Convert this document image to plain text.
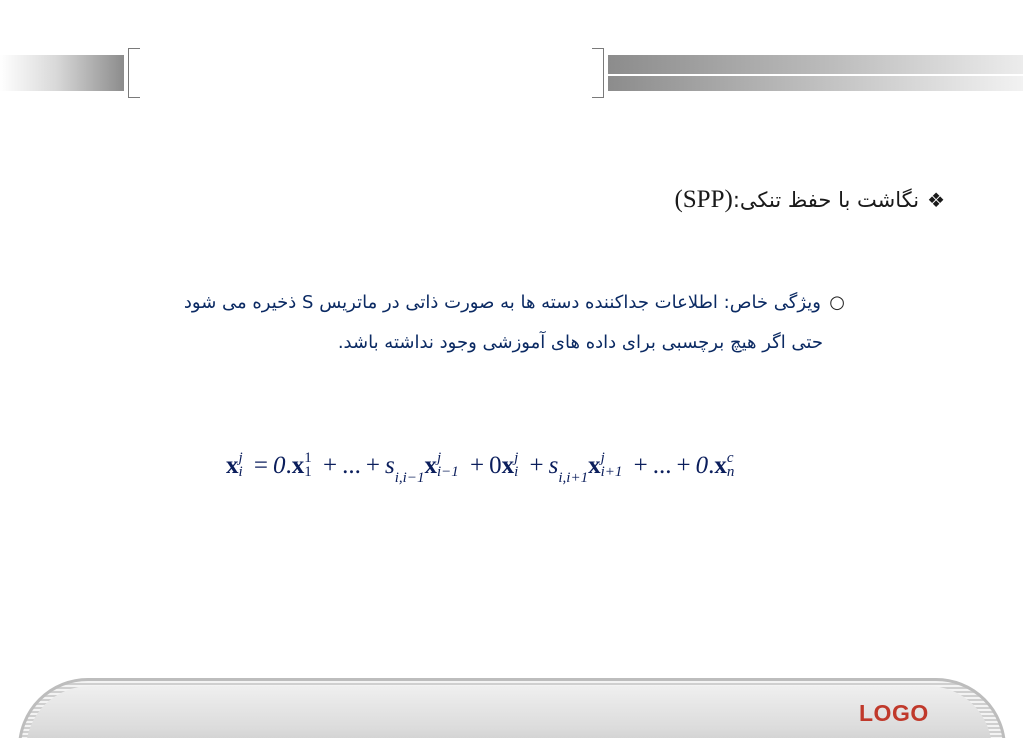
❖نگاشت با حفظ تنکی:(SPP)
○
ویژگی خاص: اطلاعات جداکننده دسته ها به صورت ذاتی در ماتریس S ذخیره می شود
حتی اگر هیچ برچسبی برای داده های آموزشی وجود نداشته باشد.
x j
i = 0.x 1
1 + ... + $s_{i,i-1}x$ j
i−1 + 0x j
$i + s_{i,i+1}x$ j
i+1 + ... + 0.x c
n
LOGO
